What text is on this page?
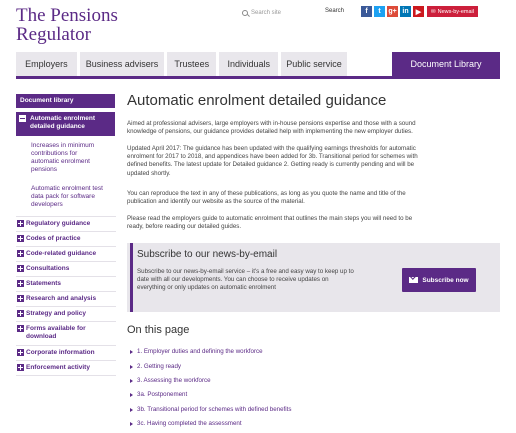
The Pensions
Regulator
Search site	Search	f	t	g+ in	▶	✉ News-by-email
Employers	Business advisers	Trustees	Individuals	Public service	Document Library
Document library
Automatic enrolment
detailed guidance
Increases in minimum
contributions for
automatic enrolment
pensions
Automatic enrolment test
data pack for software
developers
Regulatory guidance
Codes of practice
Code-related guidance
Consultations
Statements
Research and analysis
Strategy and policy
Forms available for
download
Corporate information
Enforcement activity
Automatic enrolment detailed guidance
Aimed at professional advisers, large employers with in-house pensions expertise and those with a sound
knowledge of pensions, our guidance provides detailed help with implementing the new employer duties.
Updated April 2017: The guidance has been updated with the qualifying earnings thresholds for automatic
enrolment for 2017 to 2018, and appendices have been added for 3b. Transitional period for schemes with
defined benefits. The latest update for Detailed guidance 2. Getting ready is currently pending and will be
updated shortly.
You can reproduce the text in any of these publications, as long as you quote the name and title of the
publication and identify our website as the source of the material.
Please read the employers guide to automatic enrolment that outlines the main steps you will need to be
ready, before reading our detailed guides.
Subscribe to our news-by-email
Subscribe to our news-by-email service – it's a free and easy way to keep up to
date with all our developments. You can choose to receive updates on
everything or only updates on automatic enrolment
Subscribe now
On this page
1. Employer duties and defining the workforce
2. Getting ready
3. Assessing the workforce
3a. Postponement
3b. Transitional period for schemes with defined benefits
3c. Having completed the assessment
